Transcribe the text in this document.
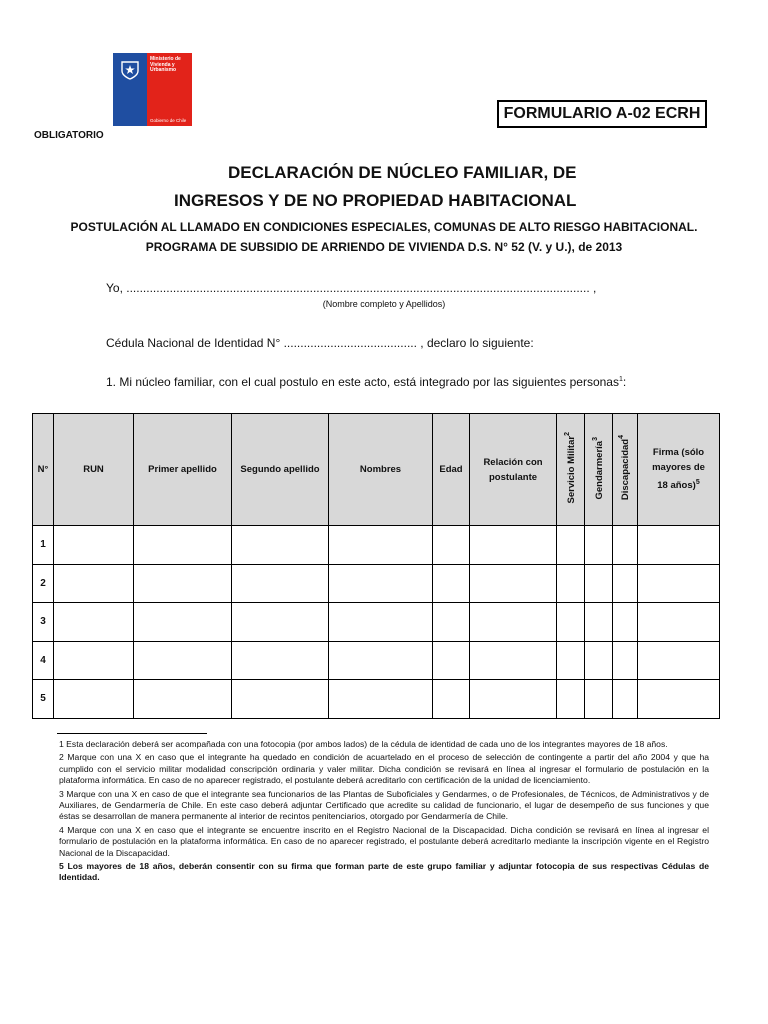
Ministerio de
Vivienda y
Urbanismo
Gobierno de Chile
OBLIGATORIO
FORMULARIO A-02 ECRH
DECLARACIÓN DE NÚCLEO FAMILIAR, DE
INGRESOS Y DE NO PROPIEDAD HABITACIONAL
POSTULACIÓN AL LLAMADO EN CONDICIONES ESPECIALES, COMUNAS DE ALTO RIESGO HABITACIONAL.
PROGRAMA DE SUBSIDIO DE ARRIENDO DE VIVIENDA D.S. N° 52 (V. y U.), de 2013
Yo, ........................................................................................................................................... ,
(Nombre completo y Apellidos)
Cédula Nacional de Identidad N° ........................................ , declaro lo siguiente:
1. Mi núcleo familiar, con el cual postulo en este acto, está integrado por las siguientes personas$^1$:
N°	RUN	Primer apellido	Segundo apellido	Nombres	Edad	Relación con postulante	Servicio Militar$^2$	Gendarmería$^3$	Discapacidad$^4$	Firma (sólo mayores de 18 años)$^5$

1										
2										
3										
4										
5										

1 Esta declaración deberá ser acompañada con una fotocopia (por ambos lados) de la cédula de identidad de cada uno de los integrantes mayores de 18 años.

2 Marque con una X en caso que el integrante ha quedado en condición de acuartelado en el proceso de selección de contingente a partir del año 2004 y que ha cumplido con el servicio militar modalidad conscripción ordinaria y valer militar. Dicha condición se revisará en línea al ingresar el formulario de postulación en la plataforma informática. En caso de no aparecer registrado, el postulante deberá acreditarlo con certificación de la unidad de licenciamiento.

3 Marque con una X en caso de que el integrante sea funcionarios de las Plantas de Suboficiales y Gendarmes, o de Profesionales, de Técnicos, de Administrativos y de Auxiliares, de Gendarmería de Chile. En este caso deberá adjuntar Certificado que acredite su calidad de funcionario, el lugar de desempeño de sus funciones y que éstas se desarrollan de manera permanente al interior de recintos penitenciarios, otorgado por Gendarmería de Chile.

4 Marque con una X en caso que el integrante se encuentre inscrito en el Registro Nacional de la Discapacidad. Dicha condición se revisará en línea al ingresar el formulario de postulación en la plataforma informática. En caso de no aparecer registrado, el postulante deberá acreditarlo mediante la inscripción vigente en el Registro Nacional de la Discapacidad.

5 Los mayores de 18 años, deberán consentir con su firma que forman parte de este grupo familiar y adjuntar fotocopia de sus respectivas Cédulas de Identidad.
